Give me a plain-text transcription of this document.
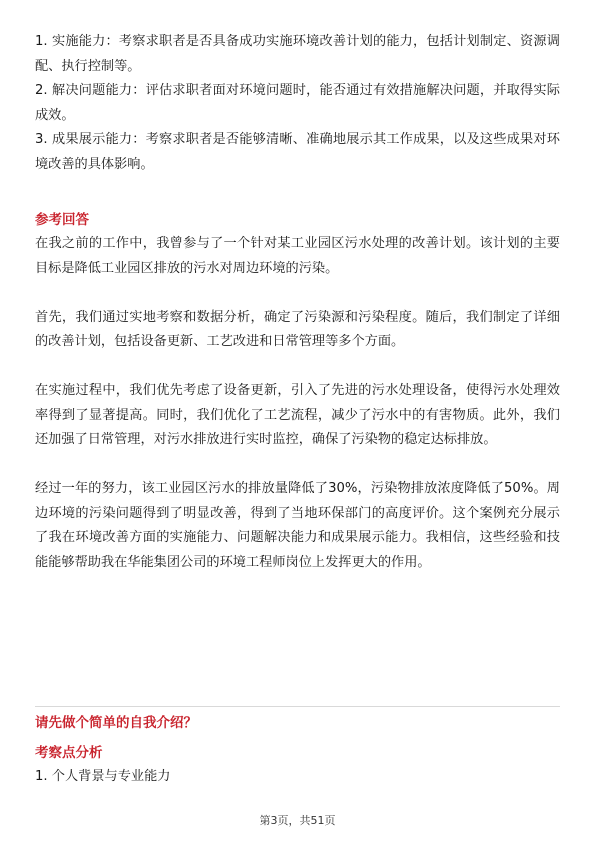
1. 实施能力：考察求职者是否具备成功实施环境改善计划的能力，包括计划制定、资源调配、执行控制等。

2. 解决问题能力：评估求职者面对环境问题时，能否通过有效措施解决问题，并取得实际成效。

3. 成果展示能力：考察求职者是否能够清晰、准确地展示其工作成果，以及这些成果对环境改善的具体影响。

参考回答

在我之前的工作中，我曾参与了一个针对某工业园区污水处理的改善计划。该计划的主要目标是降低工业园区排放的污水对周边环境的污染。

首先，我们通过实地考察和数据分析，确定了污染源和污染程度。随后，我们制定了详细的改善计划，包括设备更新、工艺改进和日常管理等多个方面。

在实施过程中，我们优先考虑了设备更新，引入了先进的污水处理设备，使得污水处理效率得到了显著提高。同时，我们优化了工艺流程，减少了污水中的有害物质。此外，我们还加强了日常管理，对污水排放进行实时监控，确保了污染物的稳定达标排放。

经过一年的努力，该工业园区污水的排放量降低了30%，污染物排放浓度降低了50%。周边环境的污染问题得到了明显改善，得到了当地环保部门的高度评价。这个案例充分展示了我在环境改善方面的实施能力、问题解决能力和成果展示能力。我相信，这些经验和技能能够帮助我在华能集团公司的环境工程师岗位上发挥更大的作用。

请先做个简单的自我介绍？
考察点分析

1. 个人背景与专业能力

第3页，共51页
